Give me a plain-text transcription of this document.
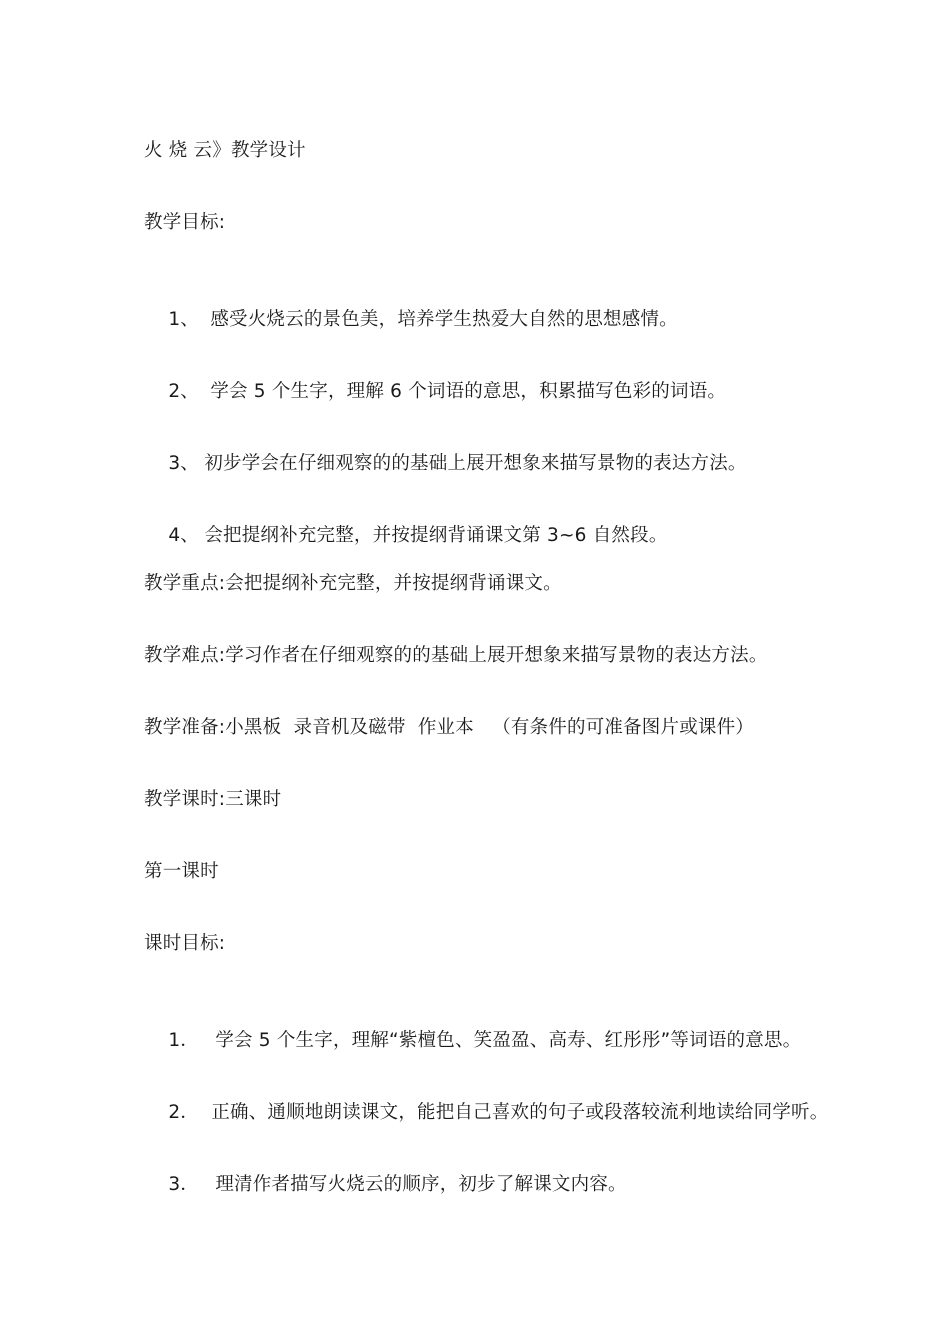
火 烧 云》教学设计
教学目标:

1、 感受火烧云的景色美，培养学生热爱大自然的思想感情。

2、 学会 5 个生字，理解 6 个词语的意思，积累描写色彩的词语。

3、 初步学会在仔细观察的的基础上展开想象来描写景物的表达方法。

4、 会把提纲补充完整，并按提纲背诵课文第 3~6 自然段。

教学重点:会把提纲补充完整，并按提纲背诵课文。
教学难点:学习作者在仔细观察的的基础上展开想象来描写景物的表达方法。
教学准备:小黑板  录音机及磁带  作业本   （有条件的可准备图片或课件）
教学课时:三课时
第一课时
课时目标:

1． 学会 5 个生字，理解“紫檀色、笑盈盈、高寿、红彤彤”等词语的意思。

2． 正确、通顺地朗读课文，能把自己喜欢的句子或段落较流利地读给同学听。

3． 理清作者描写火烧云的顺序，初步了解课文内容。
